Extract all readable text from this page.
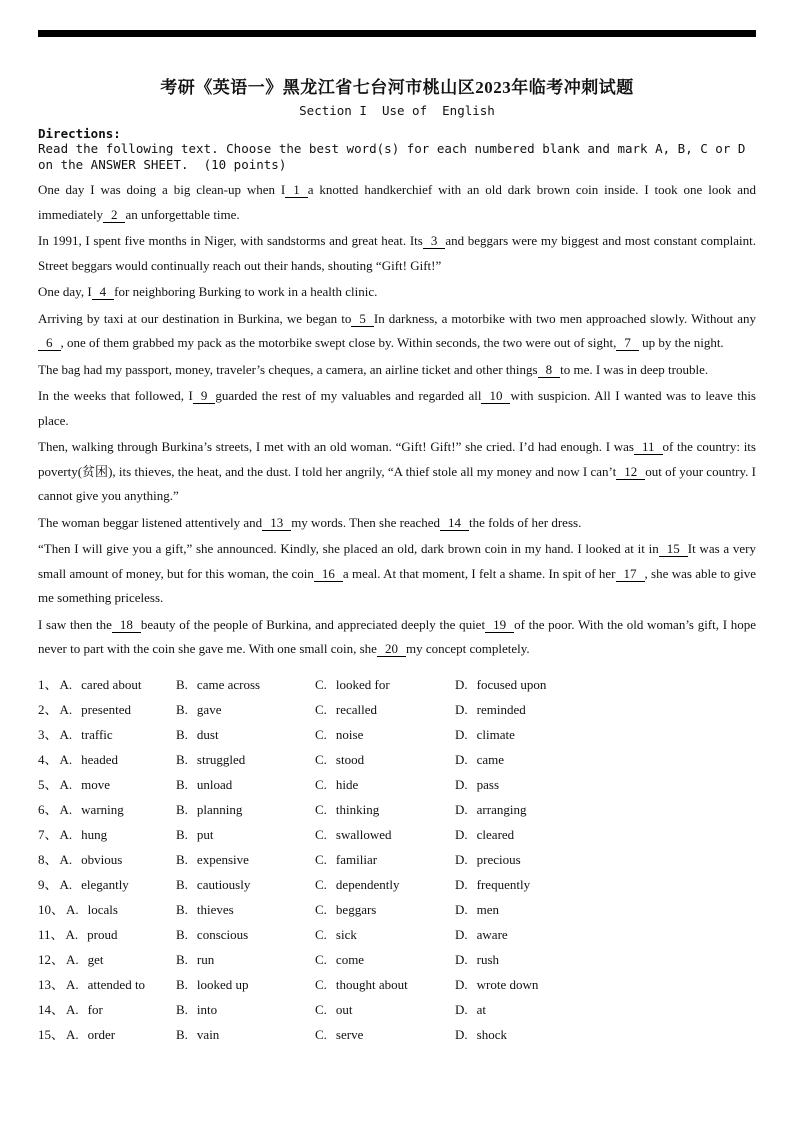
考研《英语一》黑龙江省七台河市桃山区2023年临考冲刺试题
Section I  Use of  English
Directions:
Read the following text. Choose the best word(s) for each numbered blank and mark A, B, C or D on the ANSWER SHEET.  (10 points)

One day I was doing a big clean-up when I 1 a knotted handkerchief with an old dark brown coin inside. I took one look and immediately 2 an unforgettable time.

In 1991, I spent five months in Niger, with sandstorms and great heat. Its 3 and beggars were my biggest and most constant complaint. Street beggars would continually reach out their hands, shouting “Gift! Gift!”

One day, I 4 for neighboring Burking to work in a health clinic.

Arriving by taxi at our destination in Burkina, we began to 5 In darkness, a motorbike with two men approached slowly. Without any6 , one of them grabbed my pack as the motorbike swept close by. Within seconds, the two were out of sight, 7 up by the night.

The bag had my passport, money, traveler’s cheques, a camera, an airline ticket and other things 8 to me. I was in deep trouble.

In the weeks that followed, I 9 guarded the rest of my valuables and regarded all 10 with suspicion. All I wanted was to leave this place.

Then, walking through Burkina’s streets, I met with an old woman. “Gift! Gift!” she cried. I’d had enough. I was 11 of the country: its poverty(贫困), its thieves, the heat, and the dust. I told her angrily, “A thief stole all my money and now I can’t 12 out of your country. I cannot give you anything.”

The woman beggar listened attentively and 13 my words. Then she reached 14 the folds of her dress.

“Then I will give you a gift,” she announced. Kindly, she placed an old, dark brown coin in my hand. I looked at it in 15 It was a very small amount of money, but for this woman, the coin 16 a meal. At that moment, I felt a shame. In spit of her 17 , she was able to give me something priceless.

I saw then the 18 beauty of the people of Burkina, and appreciated deeply the quiet 19 of the poor. With the old woman’s gift, I hope never to part with the coin she gave me. With one small coin, she 20 my concept completely.

1、 A. cared about	B. came across	C. looked for	D. focused upon
2、 A. presented	B. gave	C. recalled	D. reminded
3、 A. traffic	B. dust	C. noise	D. climate
4、 A. headed	B. struggled	C. stood	D. came
5、 A. move	B. unload	C. hide	D. pass
6、 A. warning	B. planning	C. thinking	D. arranging
7、 A. hung	B. put	C. swallowed	D. cleared
8、 A. obvious	B. expensive	C. familiar	D. precious
9、 A. elegantly	B. cautiously	C. dependently	D. frequently
10、 A. locals	B. thieves	C. beggars	D. men
11、 A. proud	B. conscious	C. sick	D. aware
12、 A. get	B. run	C. come	D. rush
13、 A. attended to	B. looked up	C. thought about	D. wrote down
14、 A. for	B. into	C. out	D. at
15、 A. order	B. vain	C. serve	D. shock
